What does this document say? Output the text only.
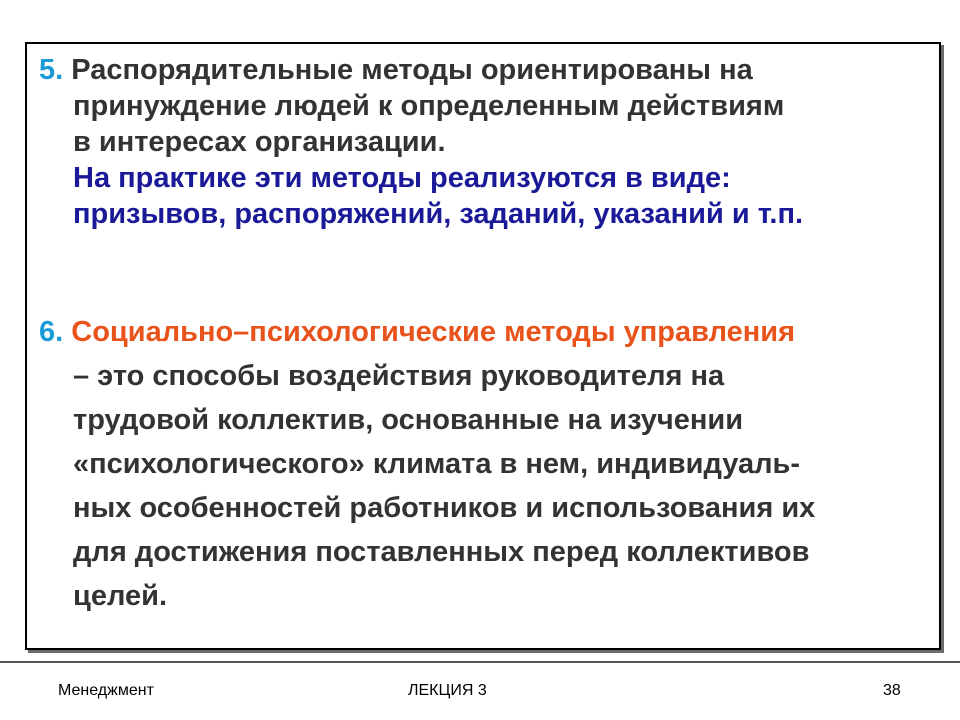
5. Распорядительные методы ориентированы на
принуждение людей к определенным действиям
в интересах организации.
На практике эти методы реализуются в виде:
призывов, распоряжений, заданий, указаний и т.п.
6. Социально–психологические методы управления
– это способы воздействия руководителя на
трудовой коллектив, основанные на изучении
«психологического» климата в нем, индивидуаль-
ных особенностей работников и использования их
для достижения поставленных перед коллективов
целей.
Менеджмент	ЛЕКЦИЯ 3	38
